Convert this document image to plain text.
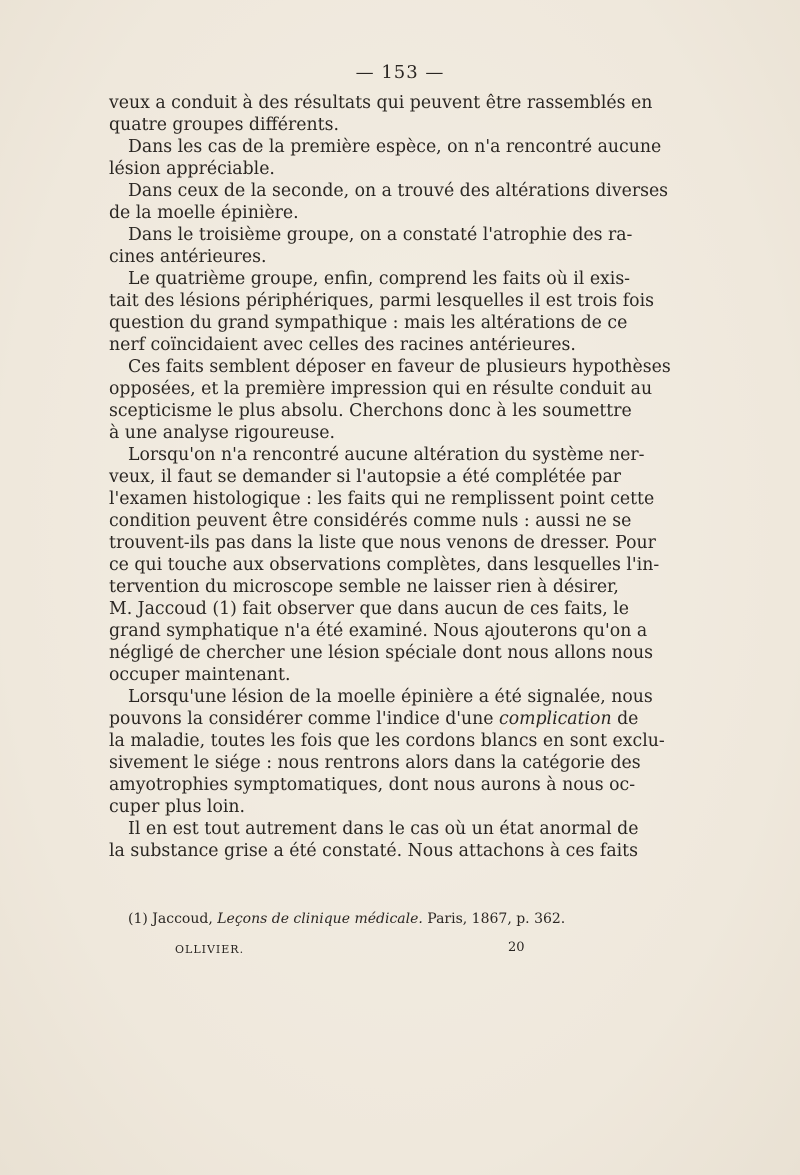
— 153 —
veux a conduit à des résultats qui peuvent être rassemblés en
quatre groupes différents.
Dans les cas de la première espèce, on n'a rencontré aucune
lésion appréciable.
Dans ceux de la seconde, on a trouvé des altérations diverses
de la moelle épinière.
Dans le troisième groupe, on a constaté l'atrophie des ra-
cines antérieures.
Le quatrième groupe, enfin, comprend les faits où il exis-
tait des lésions périphériques, parmi lesquelles il est trois fois
question du grand sympathique : mais les altérations de ce
nerf coïncidaient avec celles des racines antérieures.
Ces faits semblent déposer en faveur de plusieurs hypothèses
opposées, et la première impression qui en résulte conduit au
scepticisme le plus absolu. Cherchons donc à les soumettre
à une analyse rigoureuse.
Lorsqu'on n'a rencontré aucune altération du système ner-
veux, il faut se demander si l'autopsie a été complétée par
l'examen histologique : les faits qui ne remplissent point cette
condition peuvent être considérés comme nuls : aussi ne se
trouvent-ils pas dans la liste que nous venons de dresser. Pour
ce qui touche aux observations complètes, dans lesquelles l'in-
tervention du microscope semble ne laisser rien à désirer,
M. Jaccoud (1) fait observer que dans aucun de ces faits, le
grand symphatique n'a été examiné. Nous ajouterons qu'on a
négligé de chercher une lésion spéciale dont nous allons nous
occuper maintenant.
Lorsqu'une lésion de la moelle épinière a été signalée, nous
pouvons la considérer comme l'indice d'une complication de
la maladie, toutes les fois que les cordons blancs en sont exclu-
sivement le siége : nous rentrons alors dans la catégorie des
amyotrophies symptomatiques, dont nous aurons à nous oc-
cuper plus loin.
Il en est tout autrement dans le cas où un état anormal de
la substance grise a été constaté. Nous attachons à ces faits
(1) Jaccoud, Leçons de clinique médicale. Paris, 1867, p. 362.
OLLIVIER.	20
